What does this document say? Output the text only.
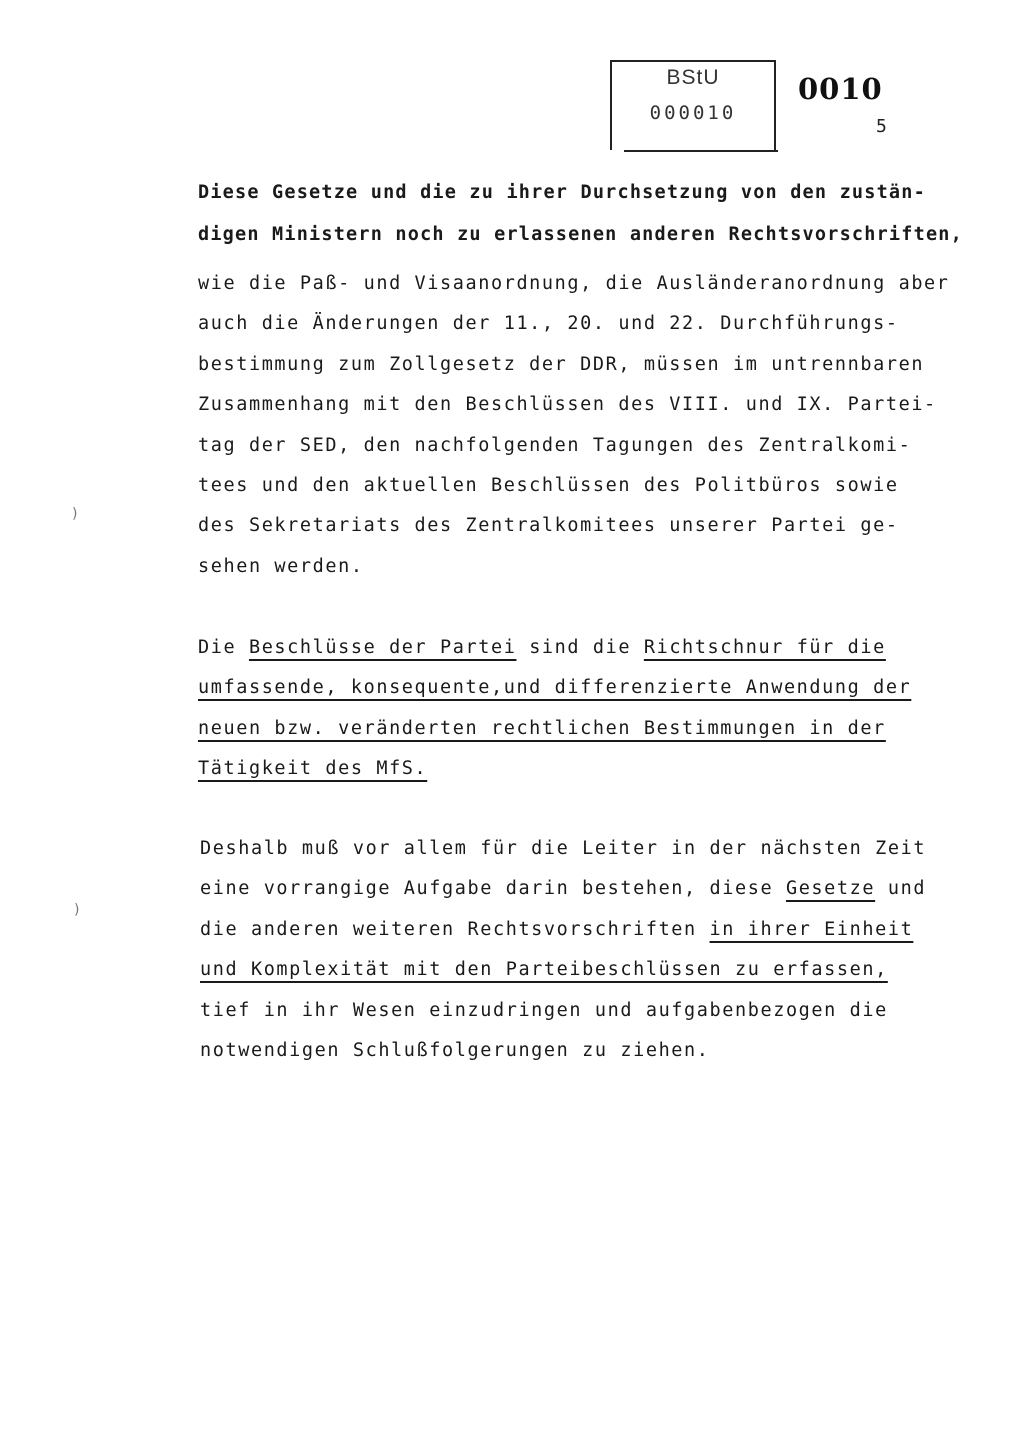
BStU
000010
0010
5
Diese Gesetze und die zu ihrer Durchsetzung von den zustän-
digen Ministern noch zu erlassenen anderen Rechtsvorschriften,
wie die Paß- und Visaanordnung, die Ausländeranordnung aber
auch die Änderungen der 11., 20. und 22. Durchführungs-
bestimmung zum Zollgesetz der DDR, müssen im untrennbaren
Zusammenhang mit den Beschlüssen des VIII. und IX. Partei-
tag der SED, den nachfolgenden Tagungen des Zentralkomi-
tees und den aktuellen Beschlüssen des Politbüros sowie
des Sekretariats des Zentralkomitees unserer Partei ge-
sehen werden.
Die Beschlüsse der Partei sind die Richtschnur für die
umfassende, konsequente,und differenzierte Anwendung der
neuen bzw. veränderten rechtlichen Bestimmungen in der
Tätigkeit des MfS.
Deshalb muß vor allem für die Leiter in der nächsten Zeit
eine vorrangige Aufgabe darin bestehen, diese Gesetze und
die anderen weiteren Rechtsvorschriften in ihrer Einheit
und Komplexität mit den Parteibeschlüssen zu erfassen,
tief in ihr Wesen einzudringen und aufgabenbezogen die
notwendigen Schlußfolgerungen zu ziehen.
)
)
